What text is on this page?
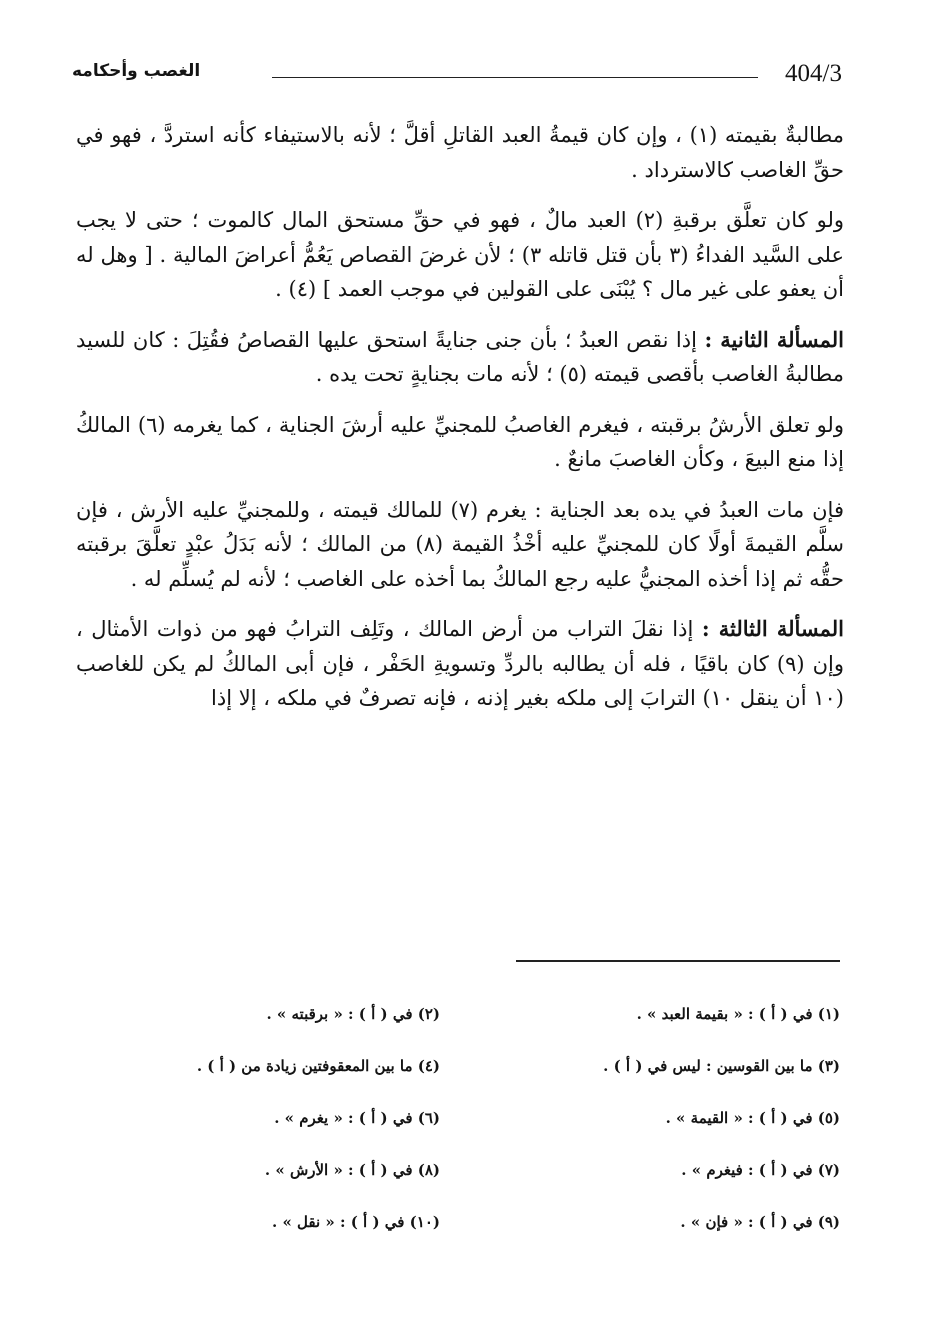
404/3
الغصب وأحكامه

مطالبةٌ بقيمته (١) ، وإن كان قيمةُ العبد القاتلِ أقلَّ ؛ لأنه بالاستيفاء كأنه استردَّ ، فهو في حقِّ الغاصب كالاسترداد .

ولو كان تعلَّق برقبةِ (٢) العبد مالٌ ، فهو في حقِّ مستحق المال كالموت ؛ حتى لا يجب على السَّيد الفداءُ (٣ بأن قتل قاتله ٣) ؛ لأن غرضَ القصاص يَعُمُّ أعراضَ المالية . [ وهل له أن يعفو على غير مال ؟ يُبْنَى على القولين في موجب العمد ] (٤) .

المسألة الثانية : إذا نقص العبدُ ؛ بأن جنى جنايةً استحق عليها القصاصُ فقُتِلَ : كان للسيد مطالبةُ الغاصب بأقصى قيمته (٥) ؛ لأنه مات بجنايةٍ تحت يده .

ولو تعلق الأرشُ برقبته ، فيغرم الغاصبُ للمجنيِّ عليه أرشَ الجناية ، كما يغرمه (٦) المالكُ إذا منع البيعَ ، وكأن الغاصبَ مانعٌ .

فإن مات العبدُ في يده بعد الجناية : يغرم (٧) للمالك قيمته ، وللمجنيِّ عليه الأرش ، فإن سلَّم القيمةَ أولًا كان للمجنيِّ عليه أخْذُ القيمة (٨) من المالك ؛ لأنه بَدَلُ عبْدٍ تعلَّقَ برقبته حقُّه ثم إذا أخذه المجنيُّ عليه رجع المالكُ بما أخذه على الغاصب ؛ لأنه لم يُسلِّم له .

المسألة الثالثة : إذا نقلَ التراب من أرض المالك ، وتَلِف الترابُ فهو من ذوات الأمثال ، وإن (٩) كان باقيًا ، فله أن يطالبه بالردِّ وتسويةِ الحَفْر ، فإن أبى المالكُ لم يكن للغاصب (١٠ أن ينقل ١٠) الترابَ إلى ملكه بغير إذنه ، فإنه تصرفٌ في ملكه ، إلا إذا

(١) في ( أ ) : « بقيمة العبد » .
(٢) في ( أ ) : « برقبته » .
(٣) ما بين القوسين : ليس في ( أ ) .
(٤) ما بين المعقوفتين زيادة من ( أ ) .
(٥) في ( أ ) : « القيمة » .
(٦) في ( أ ) : « يغرم » .
(٧) في ( أ ) : فيغرم » .
(٨) في ( أ ) : « الأرش » .
(٩) في ( أ ) : « فإن » .
(١٠) في ( أ ) : « نقل » .
